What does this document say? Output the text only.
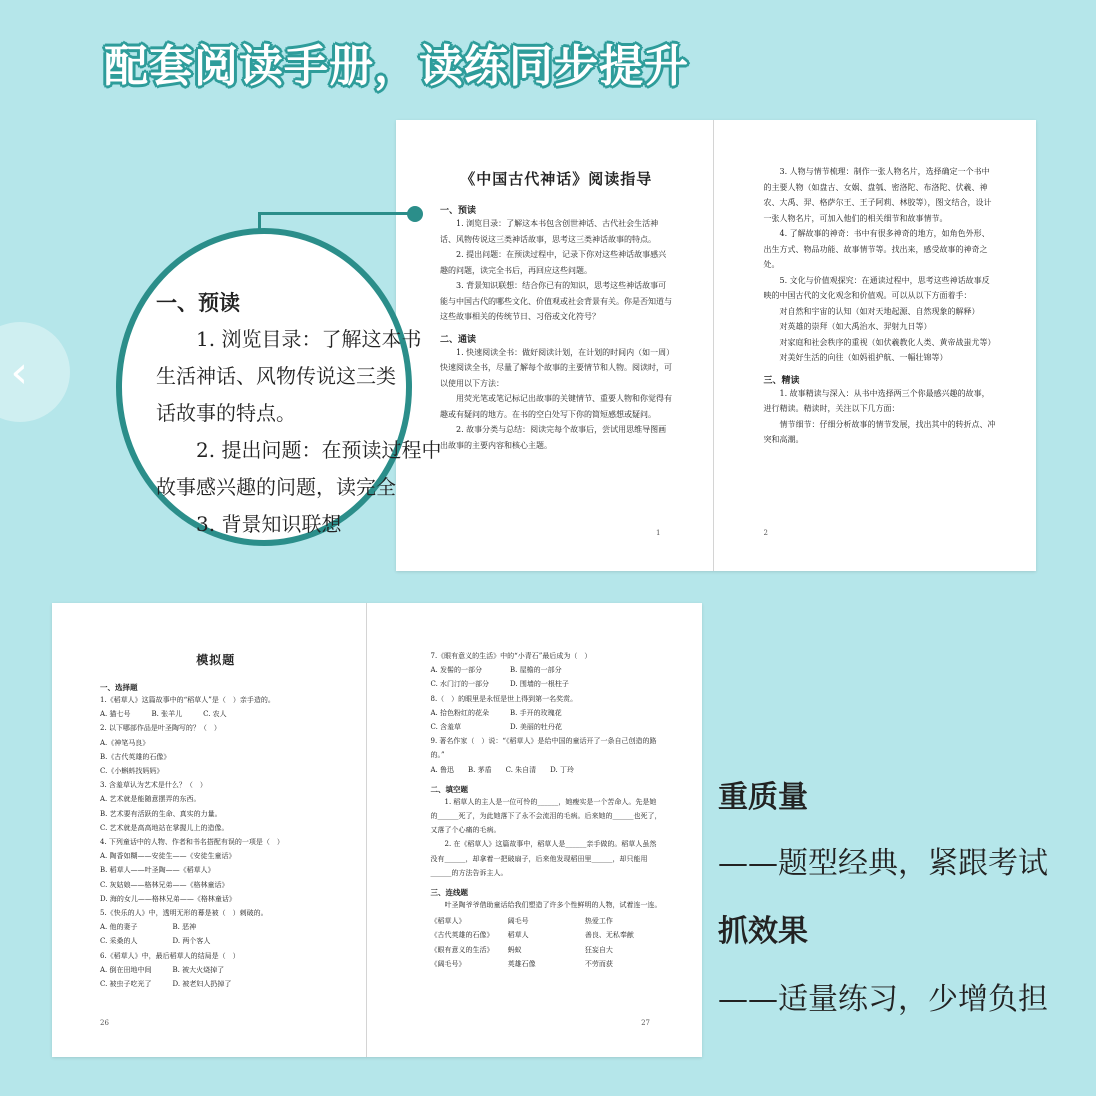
配套阅读手册，读练同步提升
‹
《中国古代神话》阅读指导
一、预读
1. 浏览目录：了解这本书包含创世神话、古代社会生活神话、风物传说这三类神话故事，思考这三类神话故事的特点。
2. 提出问题：在预读过程中，记录下你对这些神话故事感兴趣的问题，读完全书后，再回应这些问题。
3. 背景知识联想：结合你已有的知识，思考这些神话故事可能与中国古代的哪些文化、价值观或社会背景有关。你是否知道与这些故事相关的传统节日、习俗或文化符号？
二、通读
1. 快速阅读全书：做好阅读计划，在计划的时间内（如一周）快速阅读全书，尽量了解每个故事的主要情节和人物。阅读时，可以使用以下方法：
用荧光笔或笔记标记出故事的关键情节、重要人物和你觉得有趣或有疑问的地方。在书的空白处写下你的简短感想或疑问。
2. 故事分类与总结：阅读完每个故事后，尝试用思维导图画出故事的主要内容和核心主题。
1
3. 人物与情节梳理：制作一张人物名片，选择确定一个书中的主要人物（如盘古、女娲、盘瓠、密洛陀、布洛陀、伏羲、神农、大禹、羿、格萨尔王、王子阿莉、林胶等），图文结合，设计一张人物名片，可加入他们的相关细节和故事情节。
4. 了解故事的神奇：书中有很多神奇的地方，如角色外形、出生方式、物品功能、故事情节等。找出来，感受故事的神奇之处。
5. 文化与价值观探究：在通读过程中，思考这些神话故事反映的中国古代的文化观念和价值观。可以从以下方面着手：
对自然和宇宙的认知（如对天地起源、自然现象的解释）
对英雄的崇拜（如大禹治水、羿射九日等）
对家庭和社会秩序的重视（如伏羲教化人类、黄帝战蚩尤等）
对美好生活的向往（如妈祖护航、一幅壮锦等）
三、精读
1. 故事精读与深入：从书中选择两三个你最感兴趣的故事，进行精读。精读时，关注以下几方面：
情节细节：仔细分析故事的情节发展，找出其中的转折点、冲突和高潮。
2
一、预读
1. 浏览目录：了解这本书
生活神话、风物传说这三类
话故事的特点。
2. 提出问题：在预读过程中
故事感兴趣的问题，读完全
3. 背景知识联想
模拟题
一、选择题
1.《稻草人》这篇故事中的“稻草人”是（　）亲手造的。
A. 猫七号　　　B. 张羊儿　　　C. 农人
2. 以下哪部作品是叶圣陶写的？（　）
A.《神笔马良》
B.《古代英雄的石像》
C.《小蝌蚪找妈妈》
3. 含羞草认为艺术是什么？（　）
A. 艺术就是能随意摆弄的东西。
B. 艺术要有活跃的生命、真实的力量。
C. 艺术就是高高地站在掌握儿上的造像。
4. 下列童话中的人物、作者和书名搭配有误的一项是（　）
A. 陶香如糊——安徒生——《安徒生童话》
B. 稻草人——叶圣陶——《稻草人》
C. 灰姑娘——格林兄弟——《格林童话》
D. 海的女儿——格林兄弟——《格林童话》
5.《快乐的人》中，透明无形的幕是被（　）刺破的。
A. 他的妻子　　　　　B. 恶神
C. 采桑的人　　　　　D. 两个客人
6.《稻草人》中，最后稻草人的结局是（　）
A. 倒在田地中间　　　B. 被大火烧掉了
C. 被虫子吃光了　　　D. 被老妇人扔掉了
26
7.《眼有意义的生活》中的“小青石”最后成为（　）
A. 发髻的一部分　　　　B. 屋檐的一部分
C. 水门汀的一部分　　　D. 围墙的一根柱子
8.（　）的眼里是永恒是世上得到第一名奖赏。
A. 拾色粉红的花朵　　　B. 手开的玫瑰花
C. 含羞草　　　　　　　D. 美丽的牡丹花
9. 著名作家（　）说：“《稻草人》是给中国的童话开了一条自己创造的路的。”
A. 鲁迅　　B. 茅盾　　C. 朱自清　　D. 丁玲
二、填空题
1. 稻草人的主人是一位可怜的______，她瘦实是一个苦命人。先是她的______死了，为此她落下了永不会流泪的毛病。后来她的______也死了，又落了个心痛的毛病。
2. 在《稻草人》这篇故事中，稻草人是______亲手做的。稻草人虽然没有______，却拿着一把破扇子，后来他发现稻田里______，却只能用______的方法告诉主人。
三、连线题
叶圣陶爷爷借助童话给我们塑造了许多个性鲜明的人物，试着连一连。
《稻草人》	阔毛号	热爱工作
《古代英雄的石像》	稻草人	善良、无私奉献
《眼有意义的生活》	蚂蚁	狂妄自大
《阔毛号》	英雄石像	不劳而获
27
重质量
——题型经典，紧跟考试
抓效果
——适量练习，少增负担
